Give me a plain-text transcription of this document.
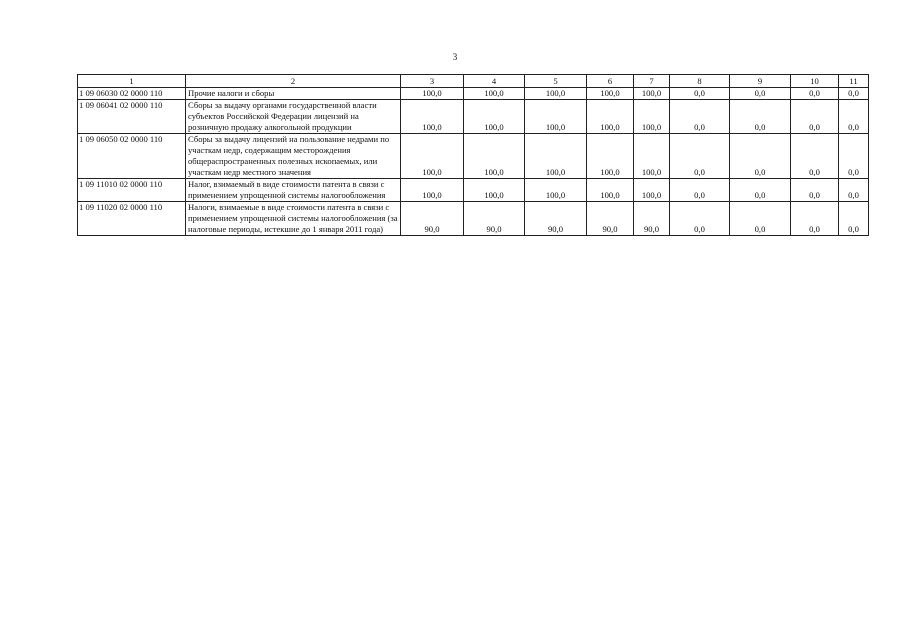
3
1	2	3	4	5	6	7	8	9	10	11
1 09 06030 02 0000 110	Прочие налоги и сборы	100,0	100,0	100,0	100,0	100,0	0,0	0,0	0,0	0,0
1 09 06041 02 0000 110	Сборы за выдачу органами государственной власти субъектов Российской Федерации лицензий на розничную продажу алкогольной продукции	100,0	100,0	100,0	100,0	100,0	0,0	0,0	0,0	0,0
1 09 06050 02 0000 110	Сборы за выдачу лицензий на пользование недрами по участкам недр, содержащим месторождения общераспространенных полезных ископаемых, или участкам недр местного значения	100,0	100,0	100,0	100,0	100,0	0,0	0,0	0,0	0,0
1 09 11010 02 0000 110	Налог, взимаемый в виде стоимости патента в связи с применением упрощенной системы налогообложения	100,0	100,0	100,0	100,0	100,0	0,0	0,0	0,0	0,0
1 09 11020 02 0000 110	Налоги, взимаемые в виде стоимости патента в связи с применением упрощенной системы налогообложения (за налоговые периоды, истекшие до 1 января 2011 года)	90,0	90,0	90,0	90,0	90,0	0,0	0,0	0,0	0,0
